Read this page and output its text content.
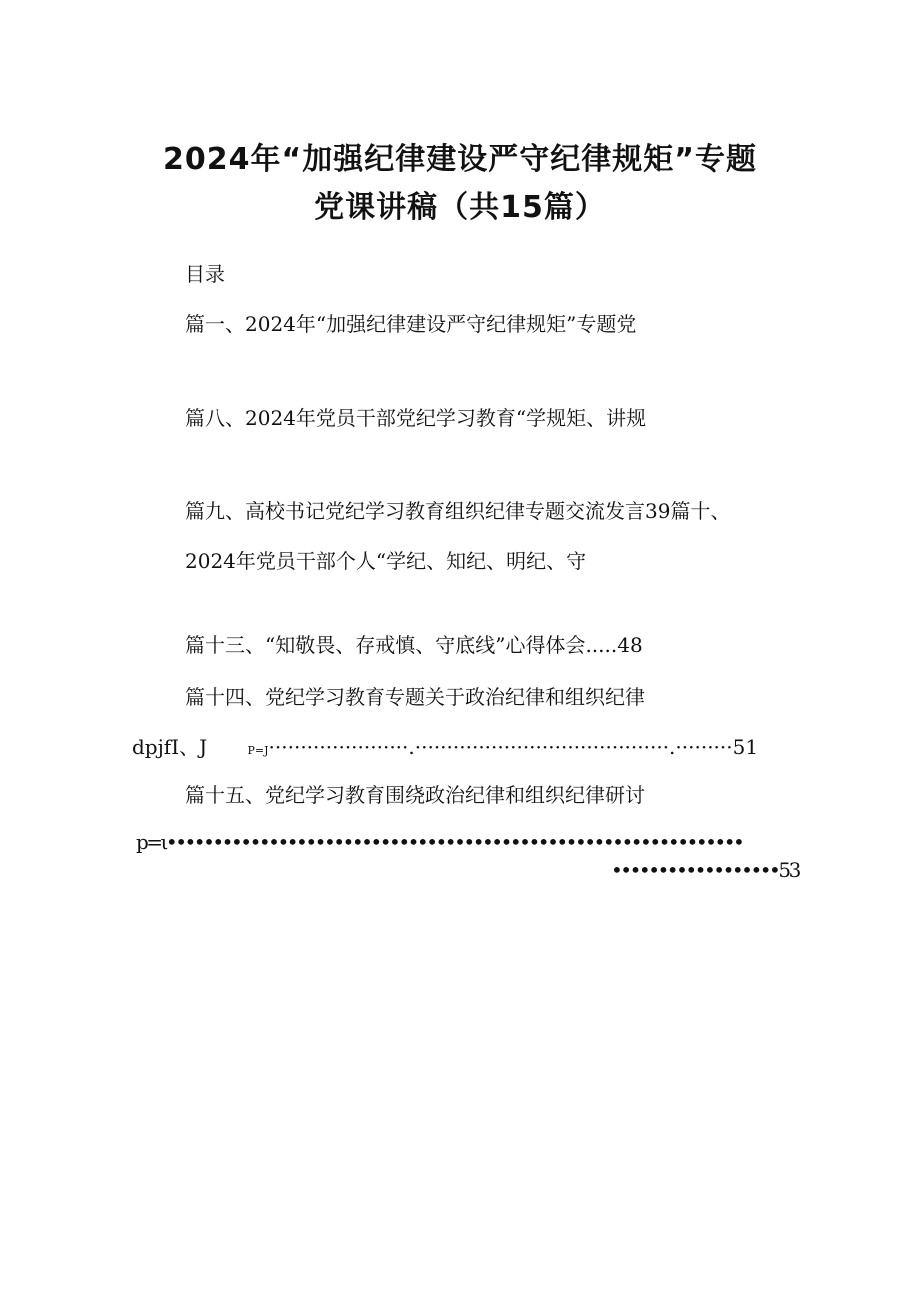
2024年“加强纪律建设严守纪律规矩”专题
党课讲稿（共15篇）
目录
篇一、2024年“加强纪律建设严守纪律规矩”专题党
篇八、2024年党员干部党纪学习教育“学规矩、讲规
篇九、高校书记党纪学习教育组织纪律专题交流发言39篇十、
2024年党员干部个人“学纪、知纪、明纪、守
篇十三、“知敬畏、存戒慎、守底线”心得体会.....48
篇十四、党纪学习教育专题关于政治纪律和组织纪律
dpjfI、J	P=J······················.········································.·········51
篇十五、党纪学习教育围绕政治纪律和组织纪律研讨
p=ι••••••••••••••••••••••••••••••••••••••••••••••••••••••••••••••
••••••••••••••••••53
